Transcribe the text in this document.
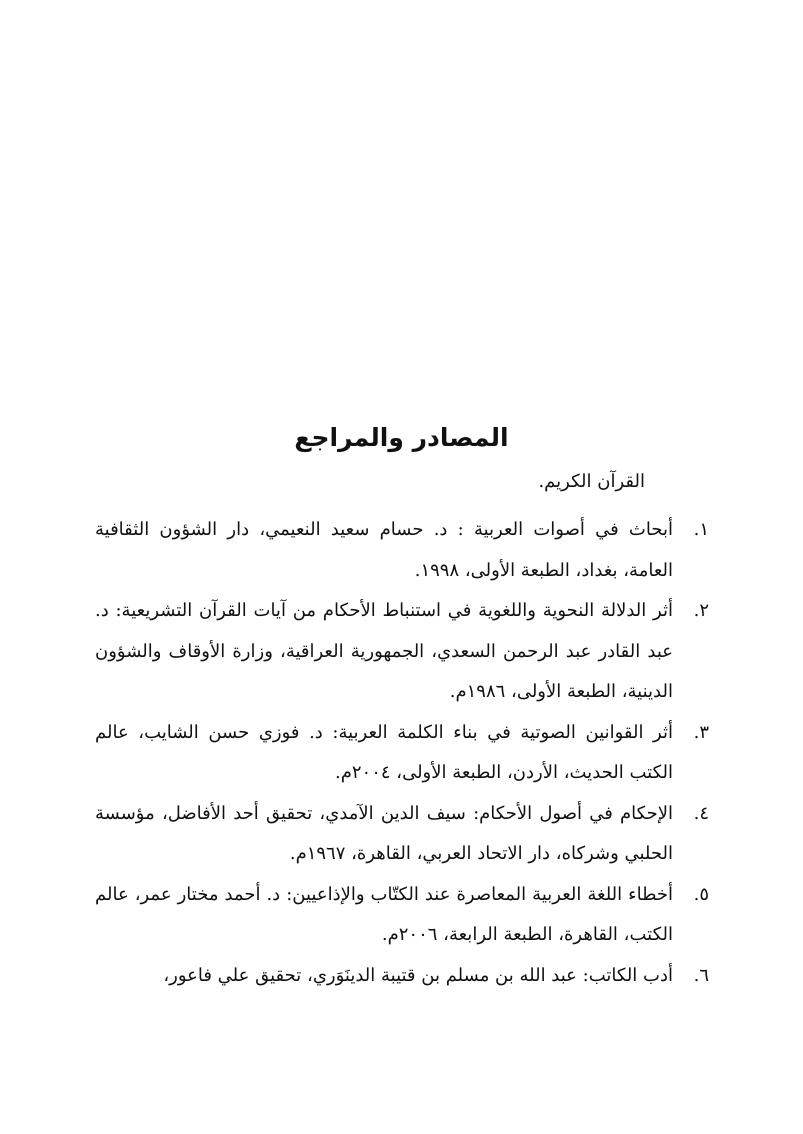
المصادر والمراجع

القرآن الكريم.

١.
أبحاث في أصوات العربية : د. حسام سعيد النعيمي، دار الشؤون الثقافية العامة، بغداد، الطبعة الأولى، ١٩٩٨.
٢.
أثر الدلالة النحوية واللغوية في استنباط الأحكام من آيات القرآن التشريعية: د. عبد القادر عبد الرحمن السعدي، الجمهورية العراقية، وزارة الأوقاف والشؤون الدينية، الطبعة الأولى، ١٩٨٦م.
٣.
أثر القوانين الصوتية في بناء الكلمة العربية: د. فوزي حسن الشايب، عالم الكتب الحديث، الأردن، الطبعة الأولى، ٢٠٠٤م.
٤.
الإحكام في أصول الأحكام: سيف الدين الآمدي، تحقيق أحد الأفاضل، مؤسسة الحلبي وشركاه، دار الاتحاد العربي، القاهرة، ١٩٦٧م.
٥.
أخطاء اللغة العربية المعاصرة عند الكتّاب والإذاعيين: د. أحمد مختار عمر، عالم الكتب، القاهرة، الطبعة الرابعة، ٢٠٠٦م.
٦.
أدب الكاتب: عبد الله بن مسلم بن قتيبة الدينَوَري، تحقيق علي فاعور،
